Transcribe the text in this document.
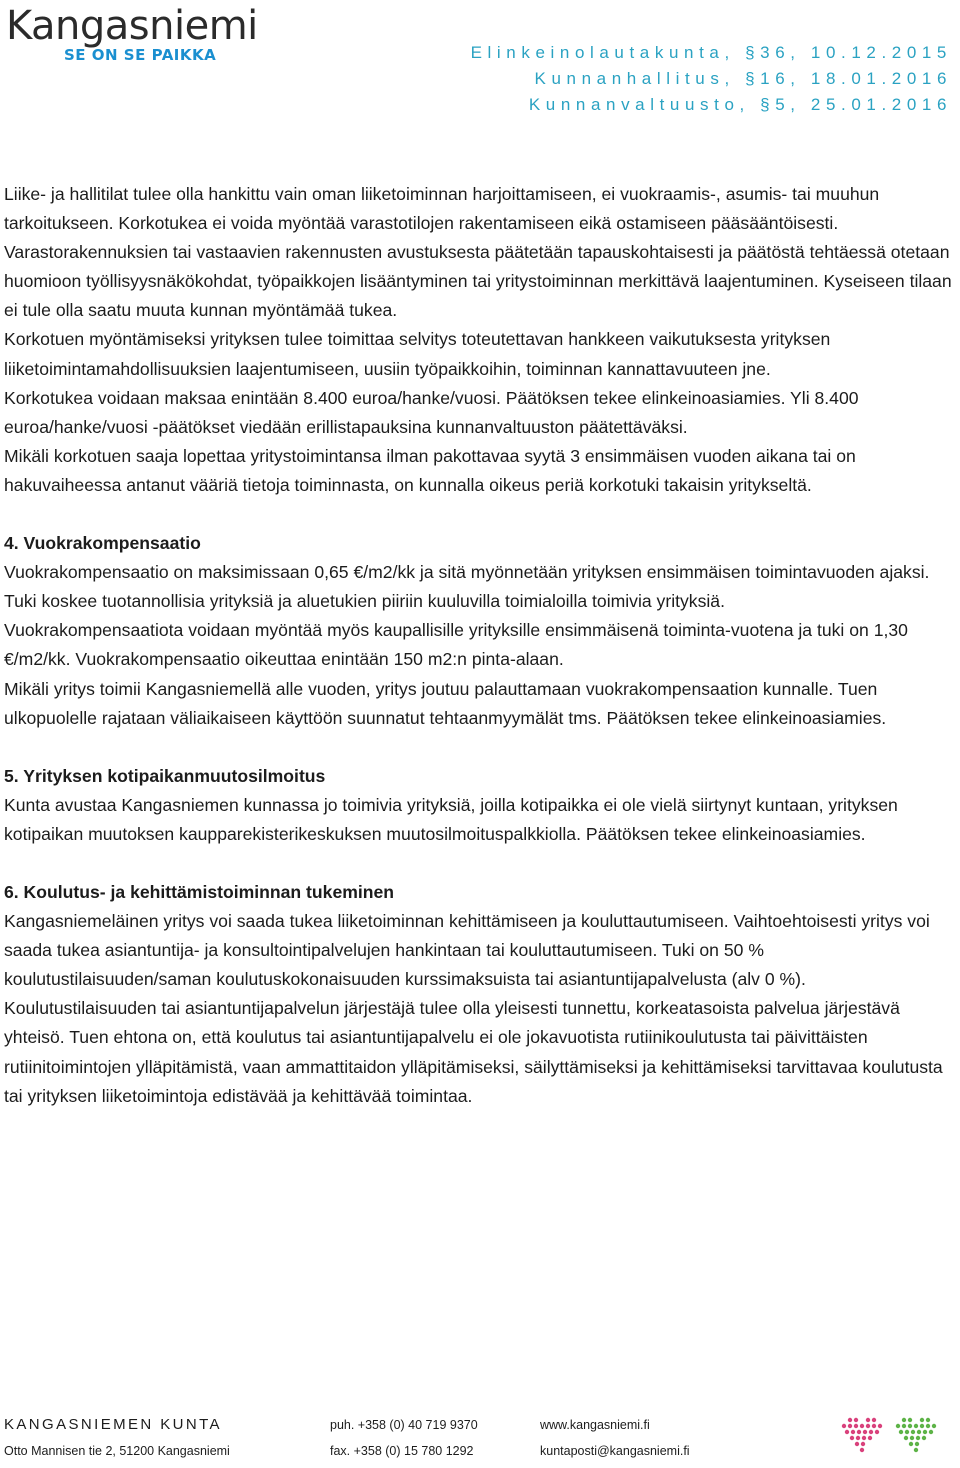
Kangasniemi
SE ON SE PAIKKA	Elinkeinolautakunta, §36, 10.12.2015
Kunnanhallitus, §16, 18.01.2016
Kunnanvaltuusto, §5, 25.01.2016

Liike- ja hallitilat tulee olla hankittu vain oman liiketoiminnan harjoittamiseen, ei vuokraamis-, asumis- tai muuhun tarkoitukseen. Korkotukea ei voida myöntää varastotilojen rakentamiseen eikä ostamiseen pääsääntöisesti. Varastorakennuksien tai vastaavien rakennusten avustuksesta päätetään tapauskohtaisesti ja päätöstä tehtäessä otetaan huomioon työllisyysnäkökohdat, työpaikkojen lisääntyminen tai yritystoiminnan merkittävä laajentuminen. Kyseiseen tilaan ei tule olla saatu muuta kunnan myöntämää tukea.

Korkotuen myöntämiseksi yrityksen tulee toimittaa selvitys toteutettavan hankkeen vaikutuksesta yrityksen liiketoimintamahdollisuuksien laajentumiseen, uusiin työpaikkoihin, toiminnan kannattavuuteen jne.

Korkotukea voidaan maksaa enintään 8.400 euroa/hanke/vuosi. Päätöksen tekee elinkeinoasiamies. Yli 8.400 euroa/hanke/vuosi -päätökset viedään erillistapauksina kunnanvaltuuston päätettäväksi.

Mikäli korkotuen saaja lopettaa yritystoimintansa ilman pakottavaa syytä 3 ensimmäisen vuoden aikana tai on hakuvaiheessa antanut vääriä tietoja toiminnasta, on kunnalla oikeus periä korkotuki takaisin yritykseltä.

4. Vuokrakompensaatio

Vuokrakompensaatio on maksimissaan 0,65 €/m2/kk ja sitä myönnetään yrityksen ensimmäisen toimintavuoden ajaksi. Tuki koskee tuotannollisia yrityksiä ja aluetukien piiriin kuuluvilla toimialoilla toimivia yrityksiä.

Vuokrakompensaatiota voidaan myöntää myös kaupallisille yrityksille ensimmäisenä toiminta-vuotena ja tuki on 1,30 €/m2/kk. Vuokrakompensaatio oikeuttaa enintään 150 m2:n pinta-alaan.

Mikäli yritys toimii Kangasniemellä alle vuoden, yritys joutuu palauttamaan vuokrakompensaation kunnalle. Tuen ulkopuolelle rajataan väliaikaiseen käyttöön suunnatut tehtaanmyymälät tms. Päätöksen tekee elinkeinoasiamies.

5. Yrityksen kotipaikanmuutosilmoitus

Kunta avustaa Kangasniemen kunnassa jo toimivia yrityksiä, joilla kotipaikka ei ole vielä siirtynyt kuntaan, yrityksen kotipaikan muutoksen kaupparekisterikeskuksen muutosilmoituspalkkiolla. Päätöksen tekee elinkeinoasiamies.

6. Koulutus- ja kehittämistoiminnan tukeminen

Kangasniemeläinen yritys voi saada tukea liiketoiminnan kehittämiseen ja kouluttautumiseen. Vaihtoehtoisesti yritys voi saada tukea asiantuntija- ja konsultointipalvelujen hankintaan tai kouluttautumiseen. Tuki on 50 % koulutustilaisuuden/saman koulutuskokonaisuuden kurssimaksuista tai asiantuntijapalvelusta (alv 0 %). Koulutustilaisuuden tai asiantuntijapalvelun järjestäjä tulee olla yleisesti tunnettu, korkeatasoista palvelua järjestävä yhteisö. Tuen ehtona on, että koulutus tai asiantuntijapalvelu ei ole jokavuotista rutiinikoulutusta tai päivittäisten rutiinitoimintojen ylläpitämistä, vaan ammattitaidon ylläpitämiseksi, säilyttämiseksi ja kehittämiseksi tarvittavaa koulutusta tai yrityksen liiketoimintoja edistävää ja kehittävää toimintaa.

KANGASNIEMEN KUNTA
Otto Mannisen tie 2, 51200 Kangasniemi
puh. +358 (0) 40 719 9370
fax. +358 (0) 15 780 1292
www.kangasniemi.fi
kuntaposti@kangasniemi.fi
